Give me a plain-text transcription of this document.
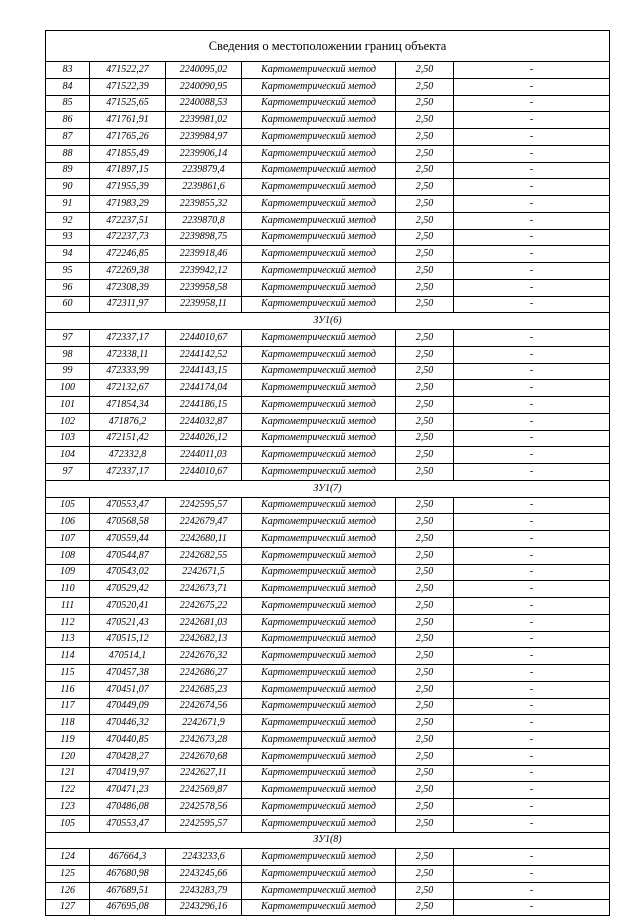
Сведения о местоположении границ объекта					
83	471522,27	2240095,02	Картометрический метод	2,50	-
84	471522,39	2240090,95	Картометрический метод	2,50	-
85	471525,65	2240088,53	Картометрический метод	2,50	-
86	471761,91	2239981,02	Картометрический метод	2,50	-
87	471765,26	2239984,97	Картометрический метод	2,50	-
88	471855,49	2239906,14	Картометрический метод	2,50	-
89	471897,15	2239879,4	Картометрический метод	2,50	-
90	471955,39	2239861,6	Картометрический метод	2,50	-
91	471983,29	2239855,32	Картометрический метод	2,50	-
92	472237,51	2239870,8	Картометрический метод	2,50	-
93	472237,73	2239898,75	Картометрический метод	2,50	-
94	472246,85	2239918,46	Картометрический метод	2,50	-
95	472269,38	2239942,12	Картометрический метод	2,50	-
96	472308,39	2239958,58	Картометрический метод	2,50	-
60	472311,97	2239958,11	Картометрический метод	2,50	-
ЗУ1(6)					
97	472337,17	2244010,67	Картометрический метод	2,50	-
98	472338,11	2244142,52	Картометрический метод	2,50	-
99	472333,99	2244143,15	Картометрический метод	2,50	-
100	472132,67	2244174,04	Картометрический метод	2,50	-
101	471854,34	2244186,15	Картометрический метод	2,50	-
102	471876,2	2244032,87	Картометрический метод	2,50	-
103	472151,42	2244026,12	Картометрический метод	2,50	-
104	472332,8	2244011,03	Картометрический метод	2,50	-
97	472337,17	2244010,67	Картометрический метод	2,50	-
ЗУ1(7)					
105	470553,47	2242595,57	Картометрический метод	2,50	-
106	470568,58	2242679,47	Картометрический метод	2,50	-
107	470559,44	2242680,11	Картометрический метод	2,50	-
108	470544,87	2242682,55	Картометрический метод	2,50	-
109	470543,02	2242671,5	Картометрический метод	2,50	-
110	470529,42	2242673,71	Картометрический метод	2,50	-
111	470520,41	2242675,22	Картометрический метод	2,50	-
112	470521,43	2242681,03	Картометрический метод	2,50	-
113	470515,12	2242682,13	Картометрический метод	2,50	-
114	470514,1	2242676,32	Картометрический метод	2,50	-
115	470457,38	2242686,27	Картометрический метод	2,50	-
116	470451,07	2242685,23	Картометрический метод	2,50	-
117	470449,09	2242674,56	Картометрический метод	2,50	-
118	470446,32	2242671,9	Картометрический метод	2,50	-
119	470440,85	2242673,28	Картометрический метод	2,50	-
120	470428,27	2242670,68	Картометрический метод	2,50	-
121	470419,97	2242627,11	Картометрический метод	2,50	-
122	470471,23	2242569,87	Картометрический метод	2,50	-
123	470486,08	2242578,56	Картометрический метод	2,50	-
105	470553,47	2242595,57	Картометрический метод	2,50	-
ЗУ1(8)					
124	467664,3	2243233,6	Картометрический метод	2,50	-
125	467680,98	2243245,66	Картометрический метод	2,50	-
126	467689,51	2243283,79	Картометрический метод	2,50	-
127	467695,08	2243296,16	Картометрический метод	2,50	-
